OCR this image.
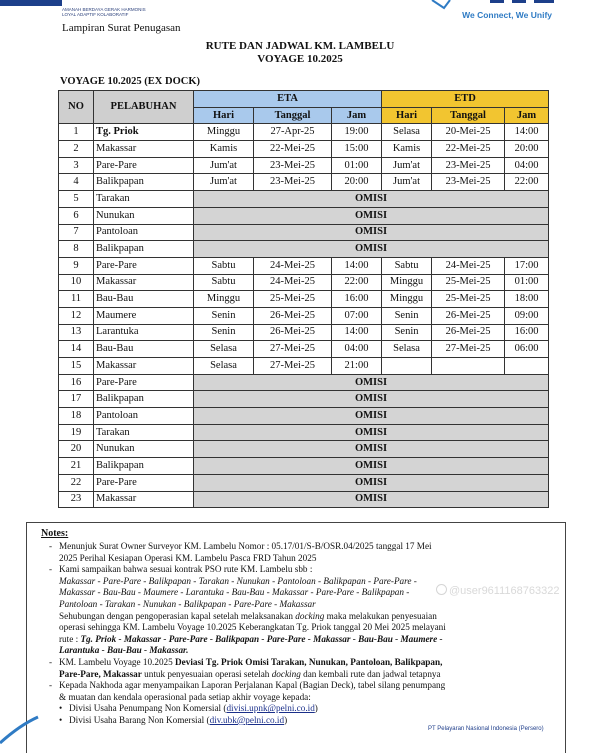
AMANAH BERDAYA GERAK HARMONIS
LOYAL ADAPTIF KOLABORATIF	We Connect, We Unify
Lampiran Surat Penugasan
RUTE DAN JADWAL KM. LAMBELU
VOYAGE 10.2025
VOYAGE 10.2025 (EX DOCK)
NO	PELABUHAN	ETA			ETD		
		Hari	Tanggal	Jam	Hari	Tanggal	Jam
1	Tg. Priok	Minggu	27-Apr-25	19:00	Selasa	20-Mei-25	14:00
2	Makassar	Kamis	22-Mei-25	15:00	Kamis	22-Mei-25	20:00
3	Pare-Pare	Jum'at	23-Mei-25	01:00	Jum'at	23-Mei-25	04:00
4	Balikpapan	Jum'at	23-Mei-25	20:00	Jum'at	23-Mei-25	22:00
5	Tarakan	OMISI					
6	Nunukan	OMISI					
7	Pantoloan	OMISI					
8	Balikpapan	OMISI					
9	Pare-Pare	Sabtu	24-Mei-25	14:00	Sabtu	24-Mei-25	17:00
10	Makassar	Sabtu	24-Mei-25	22:00	Minggu	25-Mei-25	01:00
11	Bau-Bau	Minggu	25-Mei-25	16:00	Minggu	25-Mei-25	18:00
12	Maumere	Senin	26-Mei-25	07:00	Senin	26-Mei-25	09:00
13	Larantuka	Senin	26-Mei-25	14:00	Senin	26-Mei-25	16:00
14	Bau-Bau	Selasa	27-Mei-25	04:00	Selasa	27-Mei-25	06:00
15	Makassar	Selasa	27-Mei-25	21:00			
16	Pare-Pare	OMISI					
17	Balikpapan	OMISI					
18	Pantoloan	OMISI					
19	Tarakan	OMISI					
20	Nunukan	OMISI					
21	Balikpapan	OMISI					
22	Pare-Pare	OMISI					
23	Makassar	OMISI					
Notes:
- Menunjuk Surat Owner Surveyor KM. Lambelu Nomor : 05.17/01/S-B/OSR.04/2025 tanggal 17 Mei 2025 Perihal Kesiapan Operasi KM. Lambelu Pasca FRD Tahun 2025
- Kami sampaikan bahwa sesuai kontrak PSO rute KM. Lambelu sbb :
Makassar - Pare-Pare - Balikpapan - Tarakan - Nunukan - Pantoloan - Balikpapan - Pare-Pare - Makassar - Bau-Bau - Maumere - Larantuka - Bau-Bau - Makassar - Pare-Pare - Balikpapan - Pantoloan - Tarakan - Nunukan - Balikpapan - Pare-Pare - Makassar
Sehubungan dengan pengoperasian kapal setelah melaksanakan docking maka melakukan penyesuaian operasi sehingga KM. Lambelu Voyage 10.2025 Keberangkatan Tg. Priok tanggal 20 Mei 2025 melayani rute : Tg. Priok - Makassar - Pare-Pare - Balikpapan - Pare-Pare - Makassar - Bau-Bau - Maumere - Larantuka - Bau-Bau - Makassar.
- KM. Lambelu Voyage 10.2025 Deviasi Tg. Priok Omisi Tarakan, Nunukan, Pantoloan, Balikpapan, Pare-Pare, Makassar untuk penyesuaian operasi setelah docking dan kembali rute dan jadwal tetapnya
- Kepada Nakhoda agar menyampaikan Laporan Perjalanan Kapal (Bagian Deck), tabel silang penumpang & muatan dan kendala operasional pada setiap akhir voyage kepada:
• Divisi Usaha Penumpang Non Komersial (divisi.upnk@pelni.co.id)
• Divisi Usaha Barang Non Komersial (div.ubk@pelni.co.id)
@user9611168763322
PT Pelayaran Nasional Indonesia (Persero)
